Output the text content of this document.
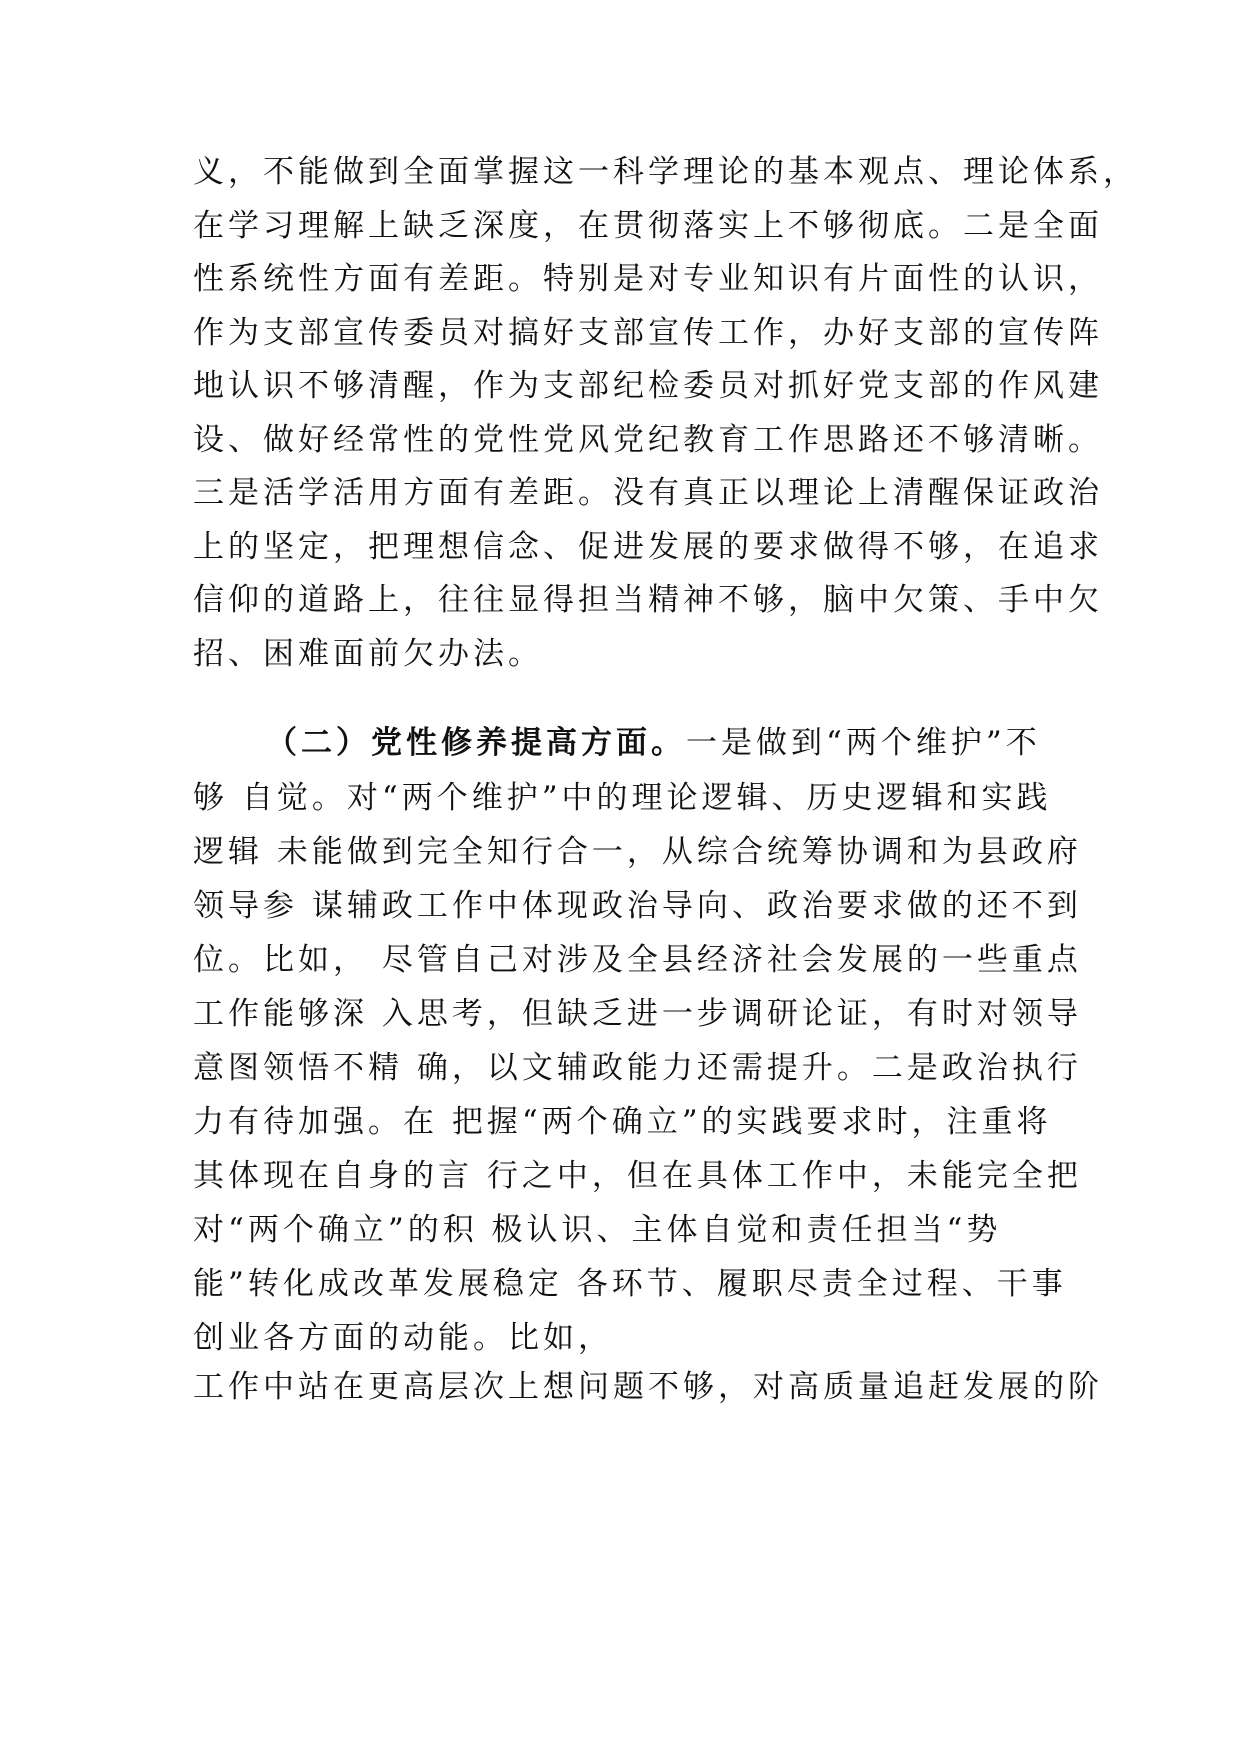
义，不能做到全面掌握这一科学理论的基本观点、理论体系，
在学习理解上缺乏深度，在贯彻落实上不够彻底。二是全面
性系统性方面有差距。特别是对专业知识有片面性的认识，
作为支部宣传委员对搞好支部宣传工作，办好支部的宣传阵
地认识不够清醒，作为支部纪检委员对抓好党支部的作风建
设、做好经常性的党性党风党纪教育工作思路还不够清晰。
三是活学活用方面有差距。没有真正以理论上清醒保证政治
上的坚定，把理想信念、促进发展的要求做得不够，在追求
信仰的道路上，往往显得担当精神不够，脑中欠策、手中欠
招、困难面前欠办法。
（二）党性修养提高方面。一是做到“两个维护”不
够 自觉。对“两个维护”中的理论逻辑、历史逻辑和实践
逻辑 未能做到完全知行合一，从综合统筹协调和为县政府
领导参 谋辅政工作中体现政治导向、政治要求做的还不到
位。比如， 尽管自己对涉及全县经济社会发展的一些重点
工作能够深 入思考，但缺乏进一步调研论证，有时对领导
意图领悟不精 确，以文辅政能力还需提升。二是政治执行
力有待加强。在 把握“两个确立”的实践要求时，注重将
其体现在自身的言 行之中，但在具体工作中，未能完全把
对“两个确立”的积 极认识、主体自觉和责任担当“势
能”转化成改革发展稳定 各环节、履职尽责全过程、干事
创业各方面的动能。比如，
工作中站在更高层次上想问题不够，对高质量追赶发展的阶
